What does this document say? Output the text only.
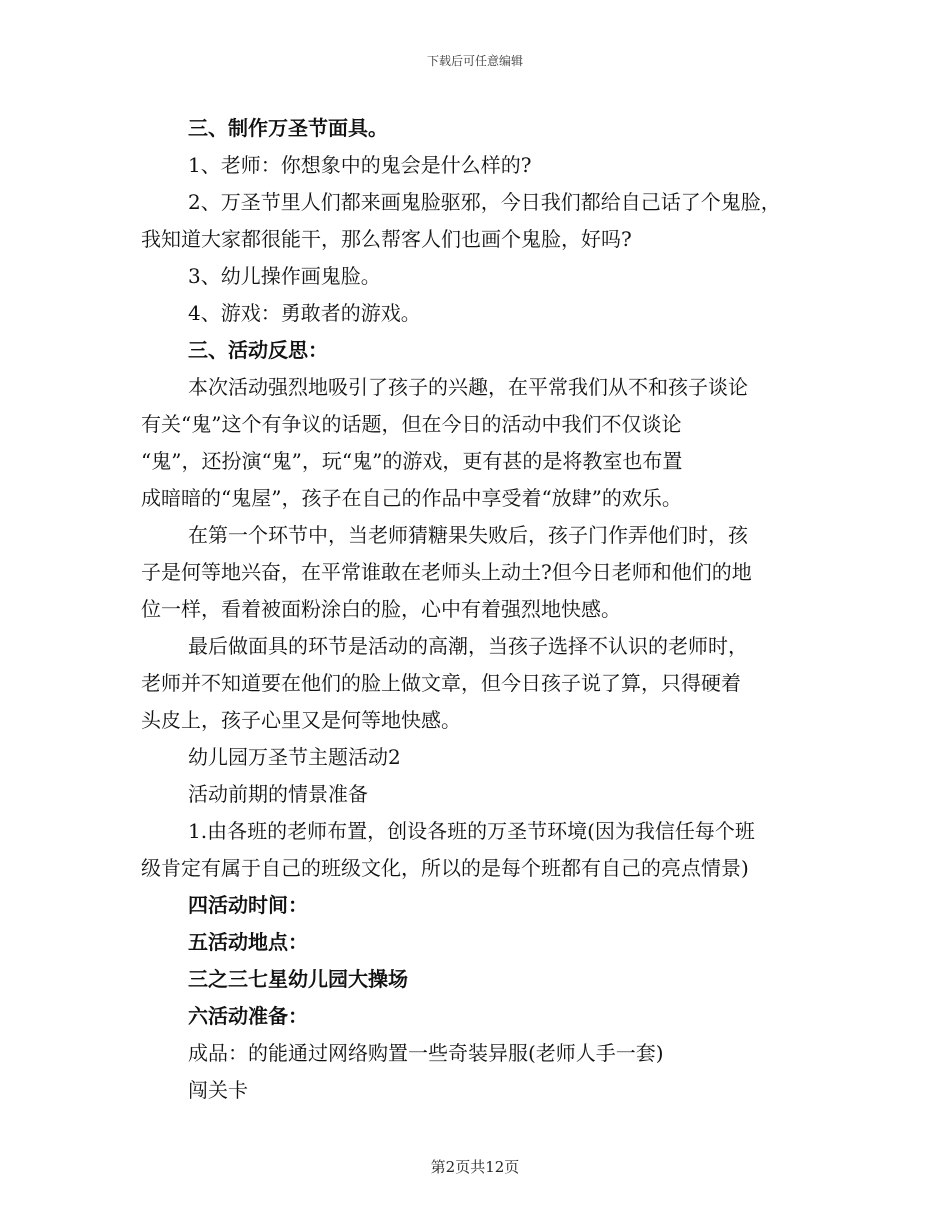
下载后可任意编辑
三、制作万圣节面具。
1、老师：你想象中的鬼会是什么样的?
2、万圣节里人们都来画鬼脸驱邪，今日我们都给自己话了个鬼脸，
我知道大家都很能干，那么帮客人们也画个鬼脸，好吗?
3、幼儿操作画鬼脸。
4、游戏：勇敢者的游戏。
三、活动反思：
本次活动强烈地吸引了孩子的兴趣，在平常我们从不和孩子谈论
有关“鬼”这个有争议的话题，但在今日的活动中我们不仅谈论
“鬼”，还扮演“鬼”，玩“鬼”的游戏，更有甚的是将教室也布置
成暗暗的“鬼屋”，孩子在自己的作品中享受着“放肆”的欢乐。
在第一个环节中，当老师猜糖果失败后，孩子门作弄他们时，孩
子是何等地兴奋，在平常谁敢在老师头上动土?但今日老师和他们的地
位一样，看着被面粉涂白的脸，心中有着强烈地快感。
最后做面具的环节是活动的高潮，当孩子选择不认识的老师时，
老师并不知道要在他们的脸上做文章，但今日孩子说了算，只得硬着
头皮上，孩子心里又是何等地快感。
幼儿园万圣节主题活动2
活动前期的情景准备
1.由各班的老师布置，创设各班的万圣节环境(因为我信任每个班
级肯定有属于自己的班级文化，所以的是每个班都有自己的亮点情景)
四活动时间：
五活动地点：
三之三七星幼儿园大操场
六活动准备：
成品：的能通过网络购置一些奇装异服(老师人手一套)
闯关卡
第2页共12页
